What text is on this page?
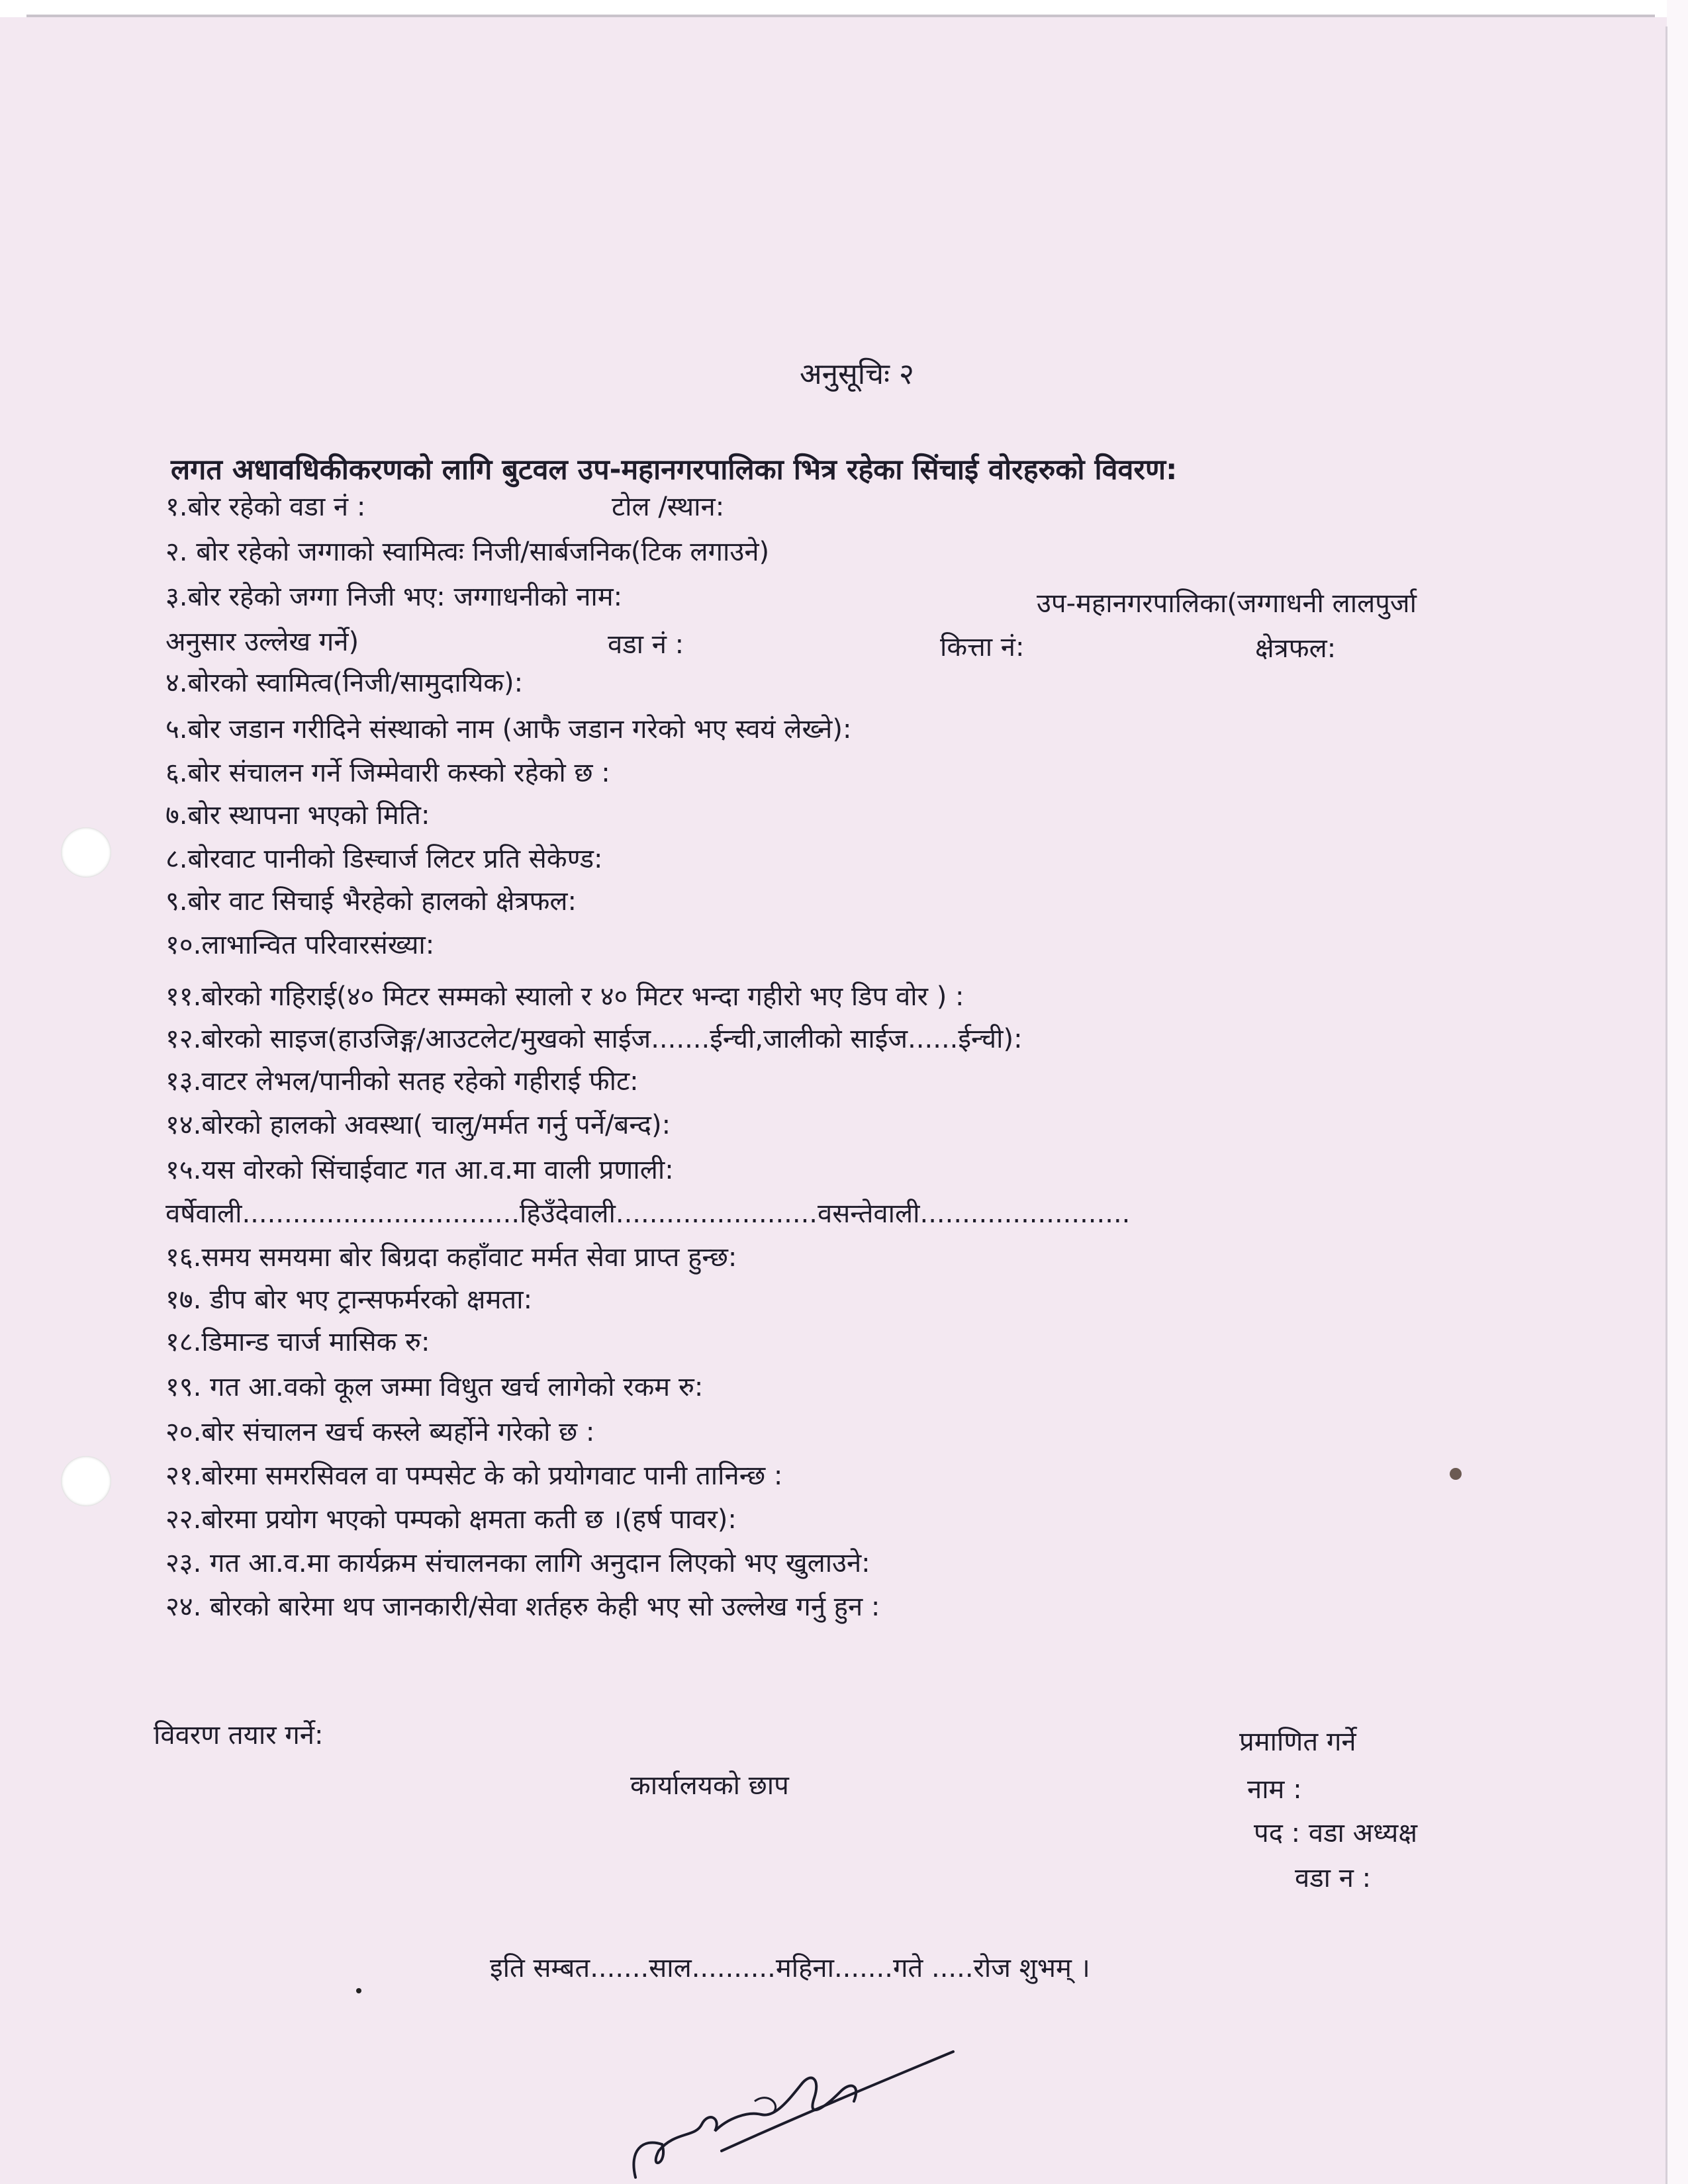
अनुसूचिः २
लगत अधावधिकीकरणको लागि बुटवल उप-महानगरपालिका भित्र रहेका सिंचाई वोरहरुको विवरण:
१.बोर रहेको वडा नं :	टोल /स्थान:
२. बोर रहेको जग्गाको स्वामित्वः निजी/सार्बजनिक(टिक लगाउने)
३.बोर रहेको जग्गा निजी भए: जग्गाधनीको नाम:	उप-महानगरपालिका(जग्गाधनी लालपुर्जा
अनुसार उल्लेख गर्ने)	वडा नं :	कित्ता नं:	क्षेत्रफल:
४.बोरको स्वामित्व(निजी/सामुदायिक):
५.बोर जडान गरीदिने संस्थाको नाम (आफै जडान गरेको भए स्वयं लेख्ने):
६.बोर संचालन गर्ने जिम्मेवारी कस्को रहेको छ :
७.बोर स्थापना भएको मिति:
८.बोरवाट पानीको डिस्चार्ज लिटर प्रति सेकेण्ड:
९.बोर वाट सिचाई भैरहेको हालको क्षेत्रफल:
१०.लाभान्वित परिवारसंख्या:
११.बोरको गहिराई(४० मिटर सम्मको स्यालो र ४० मिटर भन्दा गहीरो भए डिप वोर ) :
१२.बोरको साइज(हाउजिङ्ग/आउटलेट/मुखको साईज.......ईन्ची,जालीको साईज......ईन्ची):
१३.वाटर लेभल/पानीको सतह रहेको गहीराई फीट:
१४.बोरको हालको अवस्था( चालु/मर्मत गर्नु पर्ने/बन्द):
१५.यस वोरको सिंचाईवाट गत आ.व.मा वाली प्रणाली:
वर्षेवाली.................................हिउँदेवाली........................वसन्तेवाली.........................
१६.समय समयमा बोर बिग्रदा कहाँवाट मर्मत सेवा प्राप्त हुन्छ:
१७. डीप बोर भए ट्रान्सफर्मरको क्षमता:
१८.डिमान्ड चार्ज मासिक रु:
१९. गत आ.वको कूल जम्मा विधुत खर्च लागेको रकम रु:
२०.बोर संचालन खर्च कस्ले ब्यर्होने गरेको छ :
२१.बोरमा समरसिवल वा पम्पसेट के को प्रयोगवाट पानी तानिन्छ :
२२.बोरमा प्रयोग भएको पम्पको क्षमता कती छ ।(हर्ष पावर):
२३. गत आ.व.मा कार्यक्रम संचालनका लागि अनुदान लिएको भए खुलाउने:
२४. बोरको बारेमा थप जानकारी/सेवा शर्तहरु केही भए सो उल्लेख गर्नु हुन :
विवरण तयार गर्ने:
कार्यालयको छाप
प्रमाणित गर्ने
नाम :
पद : वडा अध्यक्ष
वडा न :
इति सम्बत.......साल..........महिना.......गते .....रोज शुभम् ।
